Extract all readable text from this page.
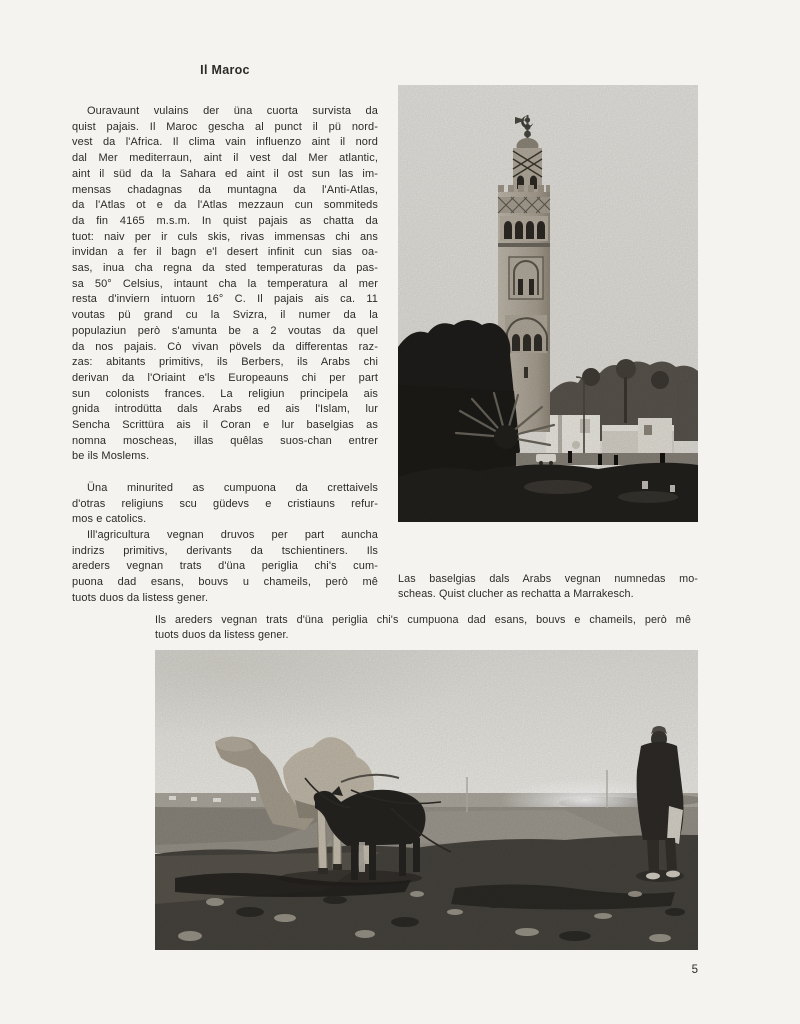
Il Maroc
Ouravaunt vulains der üna cuorta survista da
quist pajais. Il Maroc gescha al punct il pü nord-
vest da l'Africa. Il clima vain influenzo aint il nord
dal Mer mediterraun, aint il vest dal Mer atlantic,
aint il süd da la Sahara ed aint il ost sun las im-
mensas chadagnas da muntagna da l'Anti-Atlas,
da l'Atlas ot e da l'Atlas mezzaun cun sommiteds
da fin 4165 m.s.m. In quist pajais as chatta da
tuot: naiv per ir culs skis, rivas immensas chi ans
invidan a fer il bagn e'l desert infinit cun sias oa-
sas, inua cha regna da sted temperaturas da pas-
sa 50° Celsius, intaunt cha la temperatura al mer
resta d'inviern intuorn 16° C. Il pajais ais ca. 11
voutas pü grand cu la Svizra, il numer da la
populaziun però s'amunta be a 2 voutas da quel
da nos pajais. Cò vivan pövels da differentas raz-
zas: abitants primitivs, ils Berbers, ils Arabs chi
derivan da l'Oriaint e'ls Europeauns chi per part
sun colonists frances. La religiun principela ais
gnida introdütta dals Arabs ed ais l'Islam, lur
Sencha Scrittüra ais il Coran e lur baselgias as
nomna moscheas, illas quêlas suos-chan entrer
be ils Moslems.
Üna minurited as cumpuona da crettaivels
d'otras religiuns scu güdevs e cristiauns refur-
mos e catolics.
Ill'agricultura vegnan druvos per part auncha
indrizs primitivs, derivants da tschientiners. Ils
areders vegnan trats d'üna periglia chi's cum-
puona dad esans, bouvs u chameils, però mê
tuots duos da listess gener.
Las baselgias dals Arabs vegnan numnedas mo-
scheas. Quist clucher as rechatta a Marrakesch.
Ils areders vegnan trats d'üna periglia chi's cumpuona dad esans, bouvs e chameils, però mê
tuots duos da listess gener.
5
